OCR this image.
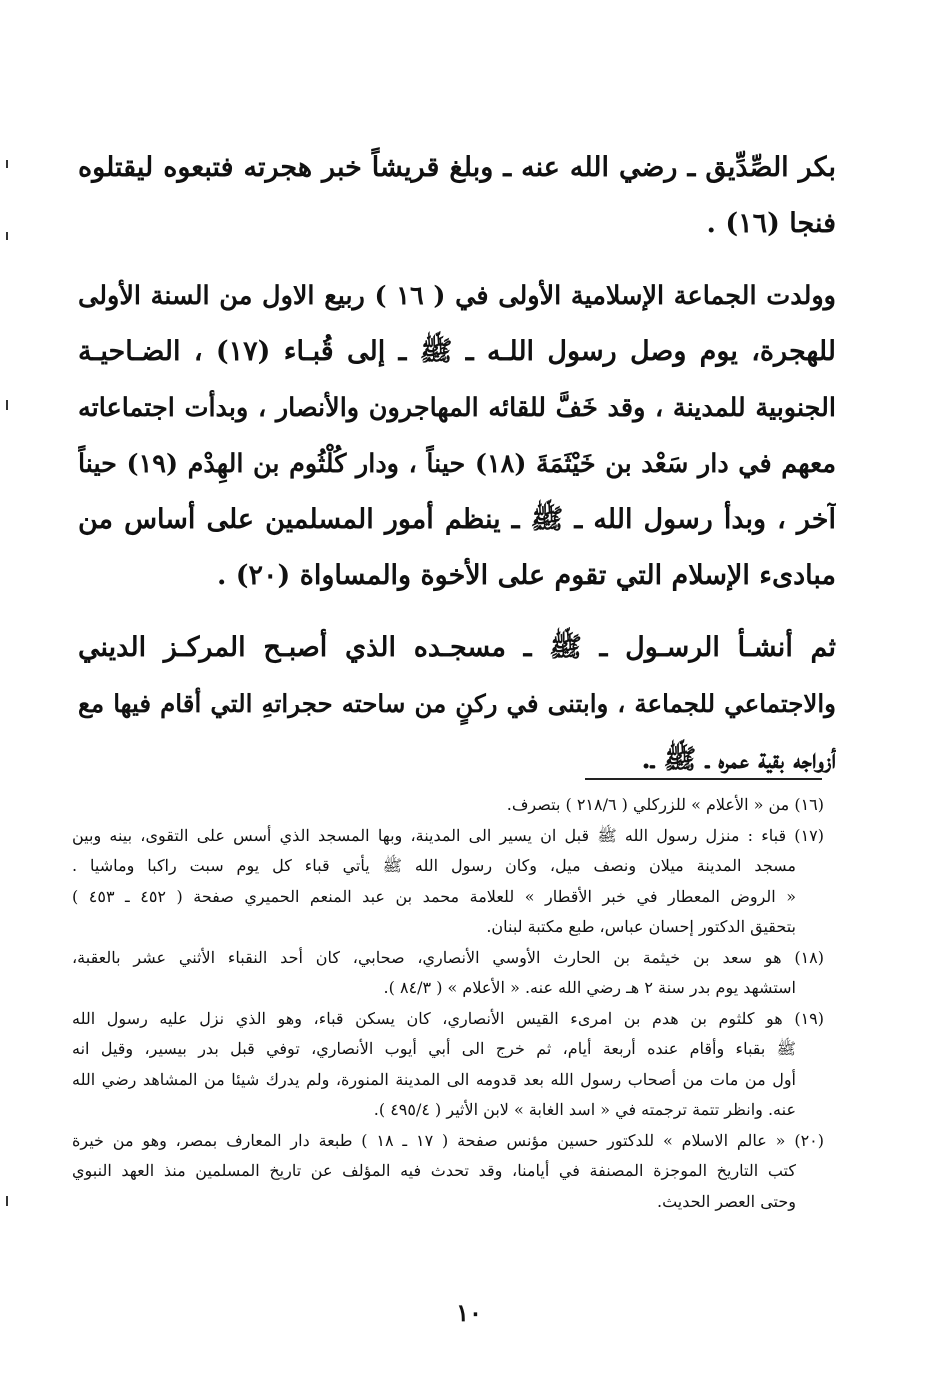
بكر الصِّدِّيق ـ رضي الله عنه ـ وبلغ قريشاً خبر هجرته فتبعوه ليقتلوه
فنجا (١٦) .

وولدت الجماعة الإسلامية الأولى في ( ١٦ ) ربيع الاول من السنة الأولى
للهجرة، يوم وصل رسول اللـه ـ ﷺ ـ إلى قُبـاء (١٧) ، الضـاحيـة
الجنوبية للمدينة ، وقد خَفَّ للقائه المهاجرون والأنصار ، وبدأت اجتماعاته
معهم في دار سَعْد بن خَيْثَمَةَ (١٨) حيناً ، ودار كُلْثُوم بن الهِدْم (١٩) حيناً
آخر ، وبدأ رسول الله ـ ﷺ ـ ينظم أمور المسلمين على أساس من
مبادىء الإسلام التي تقوم على الأخوة والمساواة (٢٠) .

ثم أنشـأ الرسـول ـ ﷺ ـ مسجـده الذي أصبـح المركـز الديني
والاجتماعي للجماعة ، وابتنى في ركنٍ من ساحته حجراتهِ التي أقام فيها مع
أزواجه بقية عمره ـ ﷺ ـ.

(١٦) من « الأعلام » للزركلي ( ٢١٨/٦ ) بتصرف.

(١٧) قباء : منزل رسول الله ﷺ قبل ان يسير الى المدينة، وبها المسجد الذي أسس على التقوى، بينه وبين
مسجد المدينة ميلان ونصف ميل، وكان رسول الله ﷺ يأتي قباء كل يوم سبت راكبا وماشيا .
« الروض المعطار في خبر الأقطار » للعلامة محمد بن عبد المنعم الحميري صفحة ( ٤٥٢ ـ ٤٥٣ )
بتحقيق الدكتور إحسان عباس، طبع مكتبة لبنان.

(١٨) هو سعد بن خيثمة بن الحارث الأوسي الأنصاري، صحابي، كان أحد النقباء الأثني عشر بالعقبة،
استشهد يوم بدر سنة ٢ هـ رضي الله عنه. « الأعلام » ( ٨٤/٣ ).

(١٩) هو كلثوم بن هدم بن امرىء القيس الأنصاري، كان يسكن قباء، وهو الذي نزل عليه رسول الله
ﷺ بقباء وأقام عنده أربعة أيام، ثم خرج الى أبي أيوب الأنصاري، توفي قبل بدر بيسير، وقيل انه
أول من مات من أصحاب رسول الله بعد قدومه الى المدينة المنورة، ولم يدرك شيئا من المشاهد رضي الله
عنه. وانظر تتمة ترجمته في « اسد الغابة » لابن الأثير ( ٤٩٥/٤ ).

(٢٠) « عالم الاسلام » للدكتور حسين مؤنس صفحة ( ١٧ ـ ١٨ ) طبعة دار المعارف بمصر، وهو من خيرة
كتب التاريخ الموجزة المصنفة في أيامنا، وقد تحدث فيه المؤلف عن تاريخ المسلمين منذ العهد النبوي
وحتى العصر الحديث.

١٠
